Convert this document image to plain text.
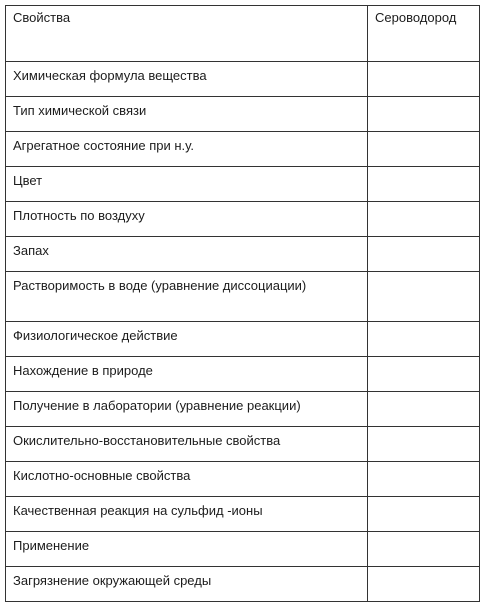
Свойства	Сероводород
Химическая формула вещества	
Тип химической связи	
Агрегатное состояние при н.у.	
Цвет	
Плотность по воздуху	
Запах	
Растворимость в воде (уравнение диссоциации)	
Физиологическое действие	
Нахождение в природе	
Получение в лаборатории (уравнение реакции)	
Окислительно-восстановительные свойства	
Кислотно-основные свойства	
Качественная реакция на сульфид -ионы	
Применение	
Загрязнение окружающей среды	
